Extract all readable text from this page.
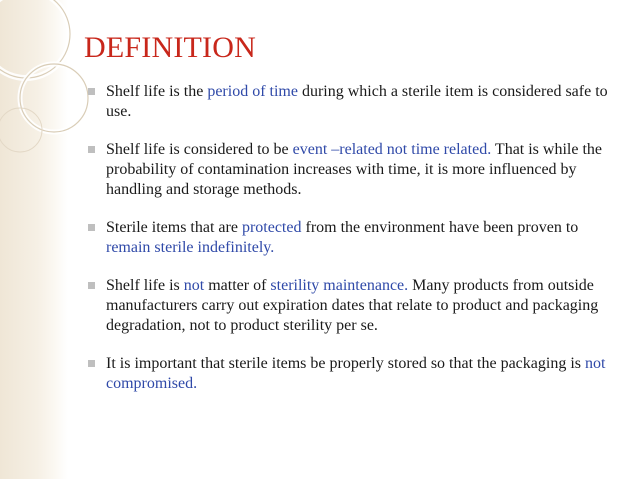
DEFINITION
Shelf life is the period of time during which a sterile item is considered safe to use.
Shelf life is considered to be event –related not time related. That is while the probability of contamination increases with time, it is more influenced by handling and storage methods.
Sterile items that are protected from the environment have been proven to remain sterile indefinitely.
Shelf life is not matter of sterility maintenance. Many products from outside manufacturers carry out expiration dates that relate to product and packaging degradation, not to product sterility per se.
It is important that sterile items be properly stored so that the packaging is not compromised.
